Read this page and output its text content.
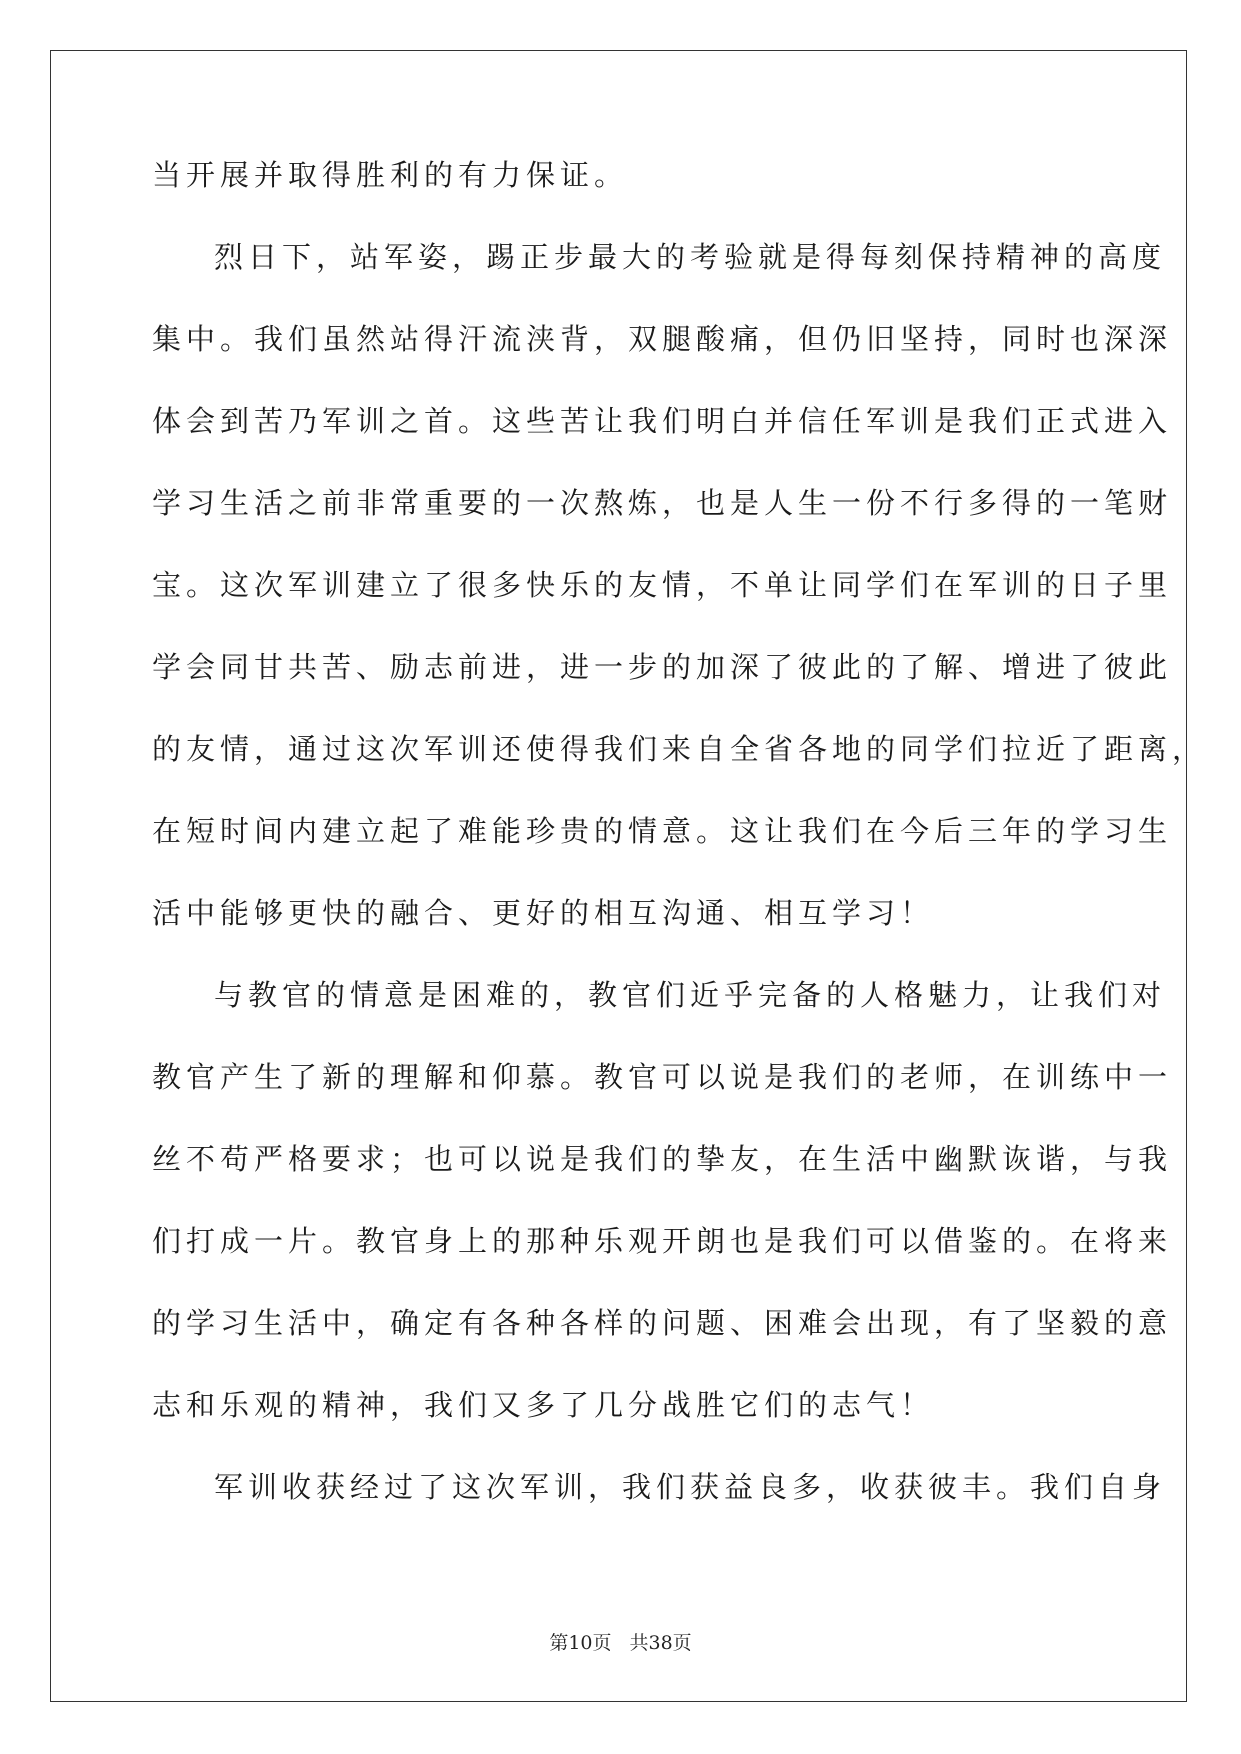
当开展并取得胜利的有力保证。
烈日下，站军姿，踢正步最大的考验就是得每刻保持精神的高度
集中。我们虽然站得汗流浃背，双腿酸痛，但仍旧坚持，同时也深深
体会到苦乃军训之首。这些苦让我们明白并信任军训是我们正式进入
学习生活之前非常重要的一次熬炼，也是人生一份不行多得的一笔财
宝。这次军训建立了很多快乐的友情，不单让同学们在军训的日子里
学会同甘共苦、励志前进，进一步的加深了彼此的了解、增进了彼此
的友情，通过这次军训还使得我们来自全省各地的同学们拉近了距离，
在短时间内建立起了难能珍贵的情意。这让我们在今后三年的学习生
活中能够更快的融合、更好的相互沟通、相互学习！
与教官的情意是困难的，教官们近乎完备的人格魅力，让我们对
教官产生了新的理解和仰慕。教官可以说是我们的老师，在训练中一
丝不苟严格要求；也可以说是我们的挚友，在生活中幽默诙谐，与我
们打成一片。教官身上的那种乐观开朗也是我们可以借鉴的。在将来
的学习生活中，确定有各种各样的问题、困难会出现，有了坚毅的意
志和乐观的精神，我们又多了几分战胜它们的志气！
军训收获经过了这次军训，我们获益良多，收获彼丰。我们自身
第10页 共38页
